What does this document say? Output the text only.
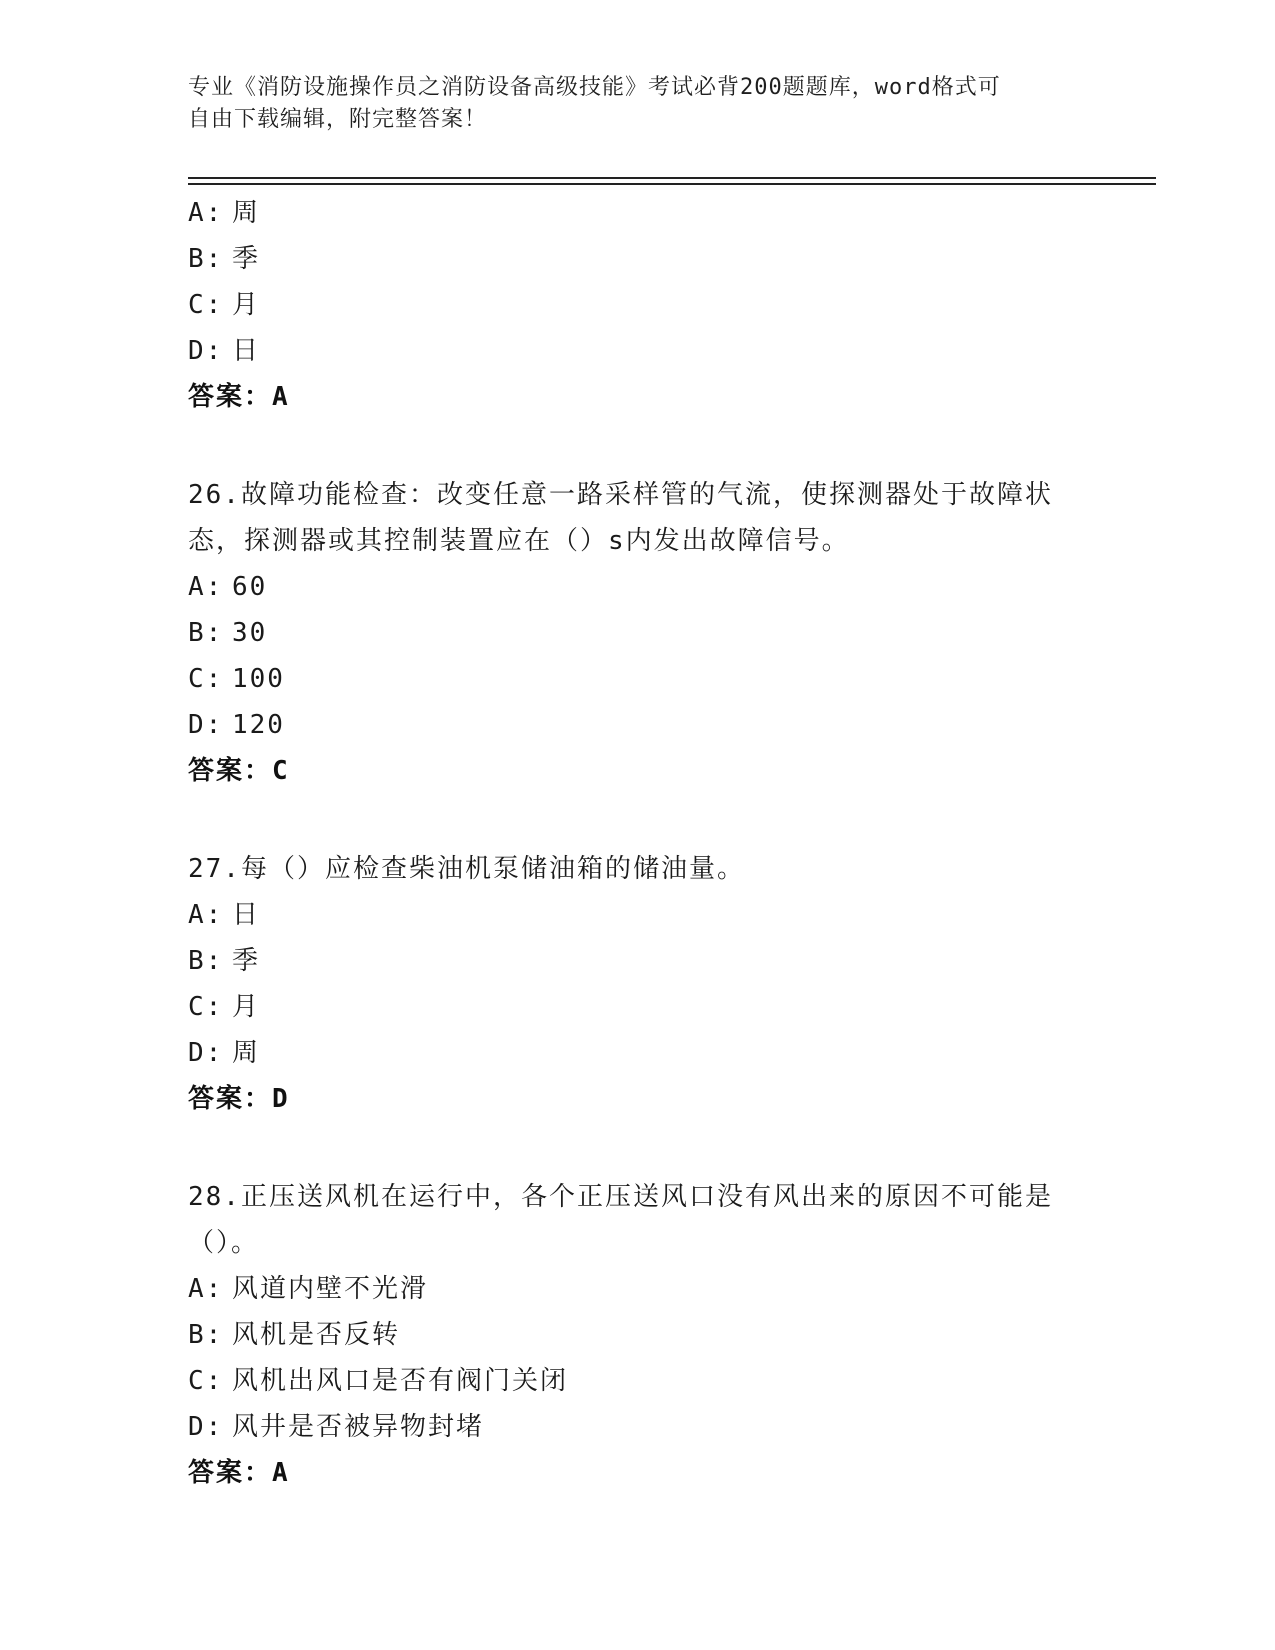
专业《消防设施操作员之消防设备高级技能》考试必背200题题库，word格式可
自由下载编辑，附完整答案！
A: 周
B: 季
C: 月
D: 日
答案：A
26.故障功能检查：改变任意一路采样管的气流，使探测器处于故障状
态，探测器或其控制装置应在（）s内发出故障信号。
A: 60
B: 30
C: 100
D: 120
答案：C
27.每（）应检查柴油机泵储油箱的储油量。
A: 日
B: 季
C: 月
D: 周
答案：D
28.正压送风机在运行中，各个正压送风口没有风出来的原因不可能是
（）。
A: 风道内壁不光滑
B: 风机是否反转
C: 风机出风口是否有阀门关闭
D: 风井是否被异物封堵
答案：A
